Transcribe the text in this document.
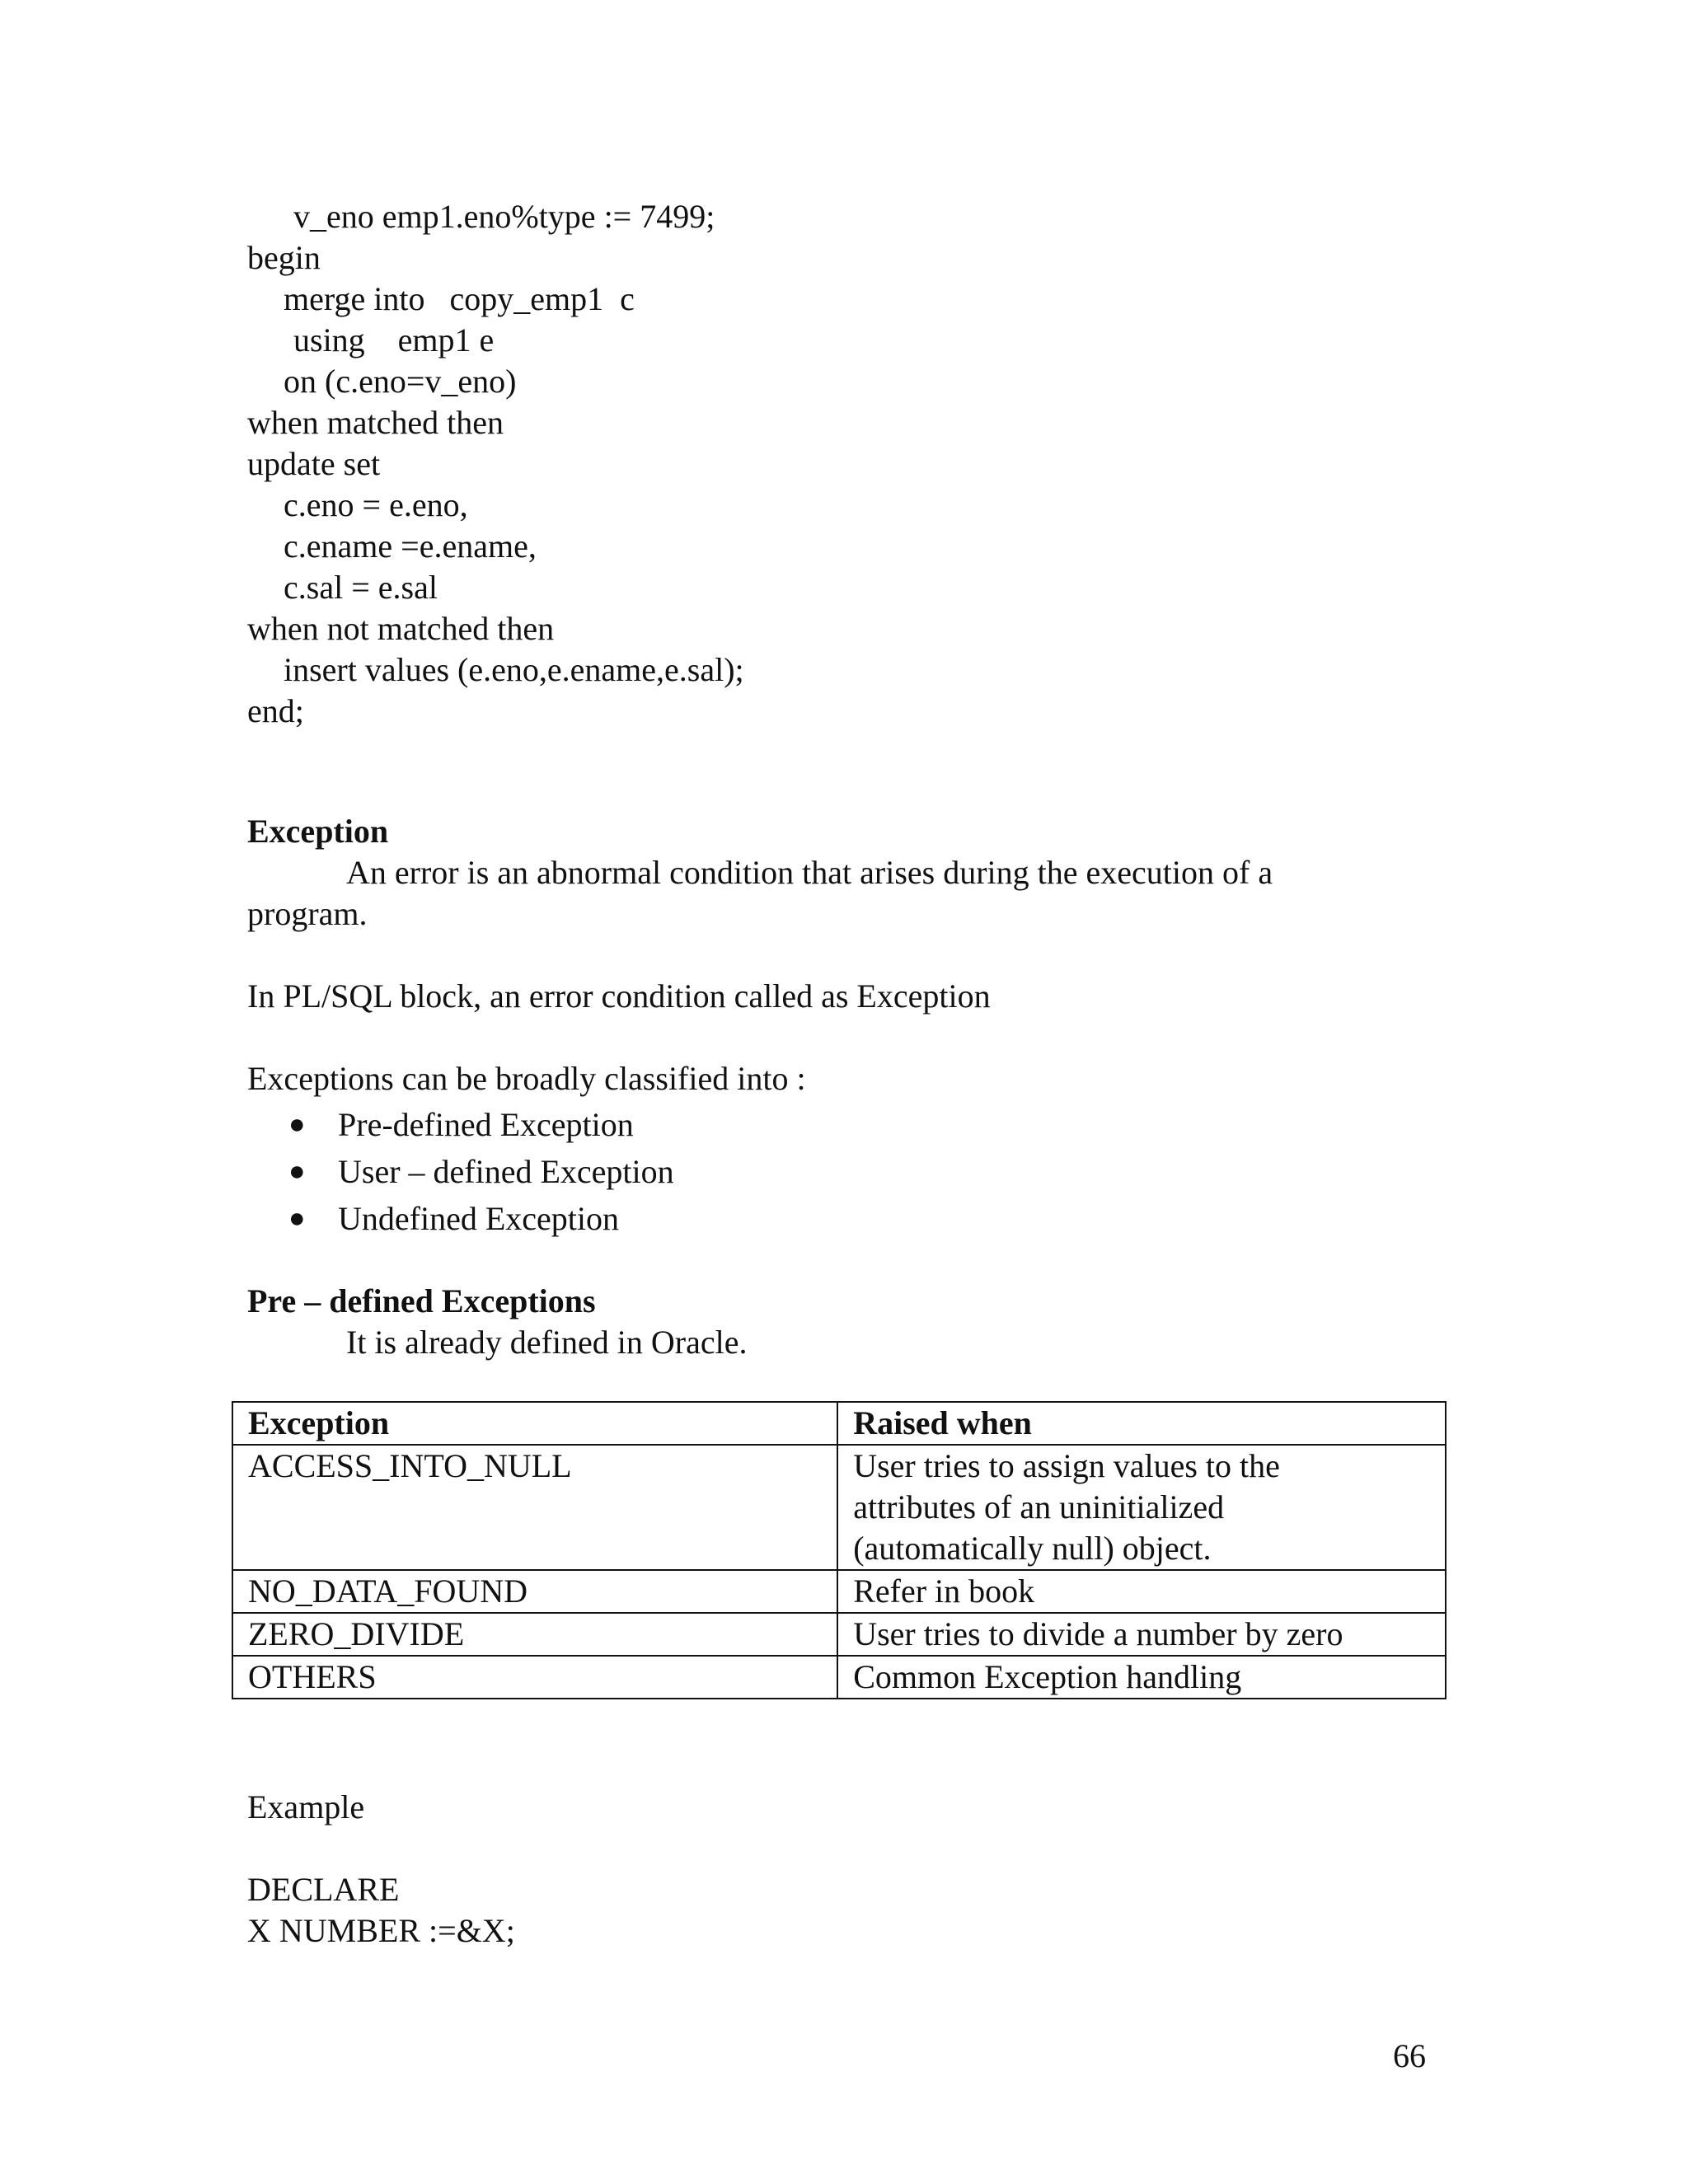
v_eno emp1.eno%type := 7499;
begin
merge into   copy_emp1  c
using    emp1 e
on (c.eno=v_eno)
when matched then
update set
c.eno = e.eno,
c.ename =e.ename,
c.sal = e.sal
when not matched then
insert values (e.eno,e.ename,e.sal);
end;
Exception
An error is an abnormal condition that arises during the execution of a
program.
In PL/SQL block, an error condition called as Exception
Exceptions can be broadly classified into :
● Pre-defined Exception
● User – defined Exception
● Undefined Exception
Pre – defined Exceptions
It is already defined in Oracle.
Exception	Raised when
ACCESS_INTO_NULL	User tries to assign values to the
attributes of an uninitialized
(automatically null) object.

NO_DATA_FOUND	Refer in book

ZERO_DIVIDE	User tries to divide a number by zero

OTHERS	Common Exception handling
Example
DECLARE
X NUMBER :=&X;
66
